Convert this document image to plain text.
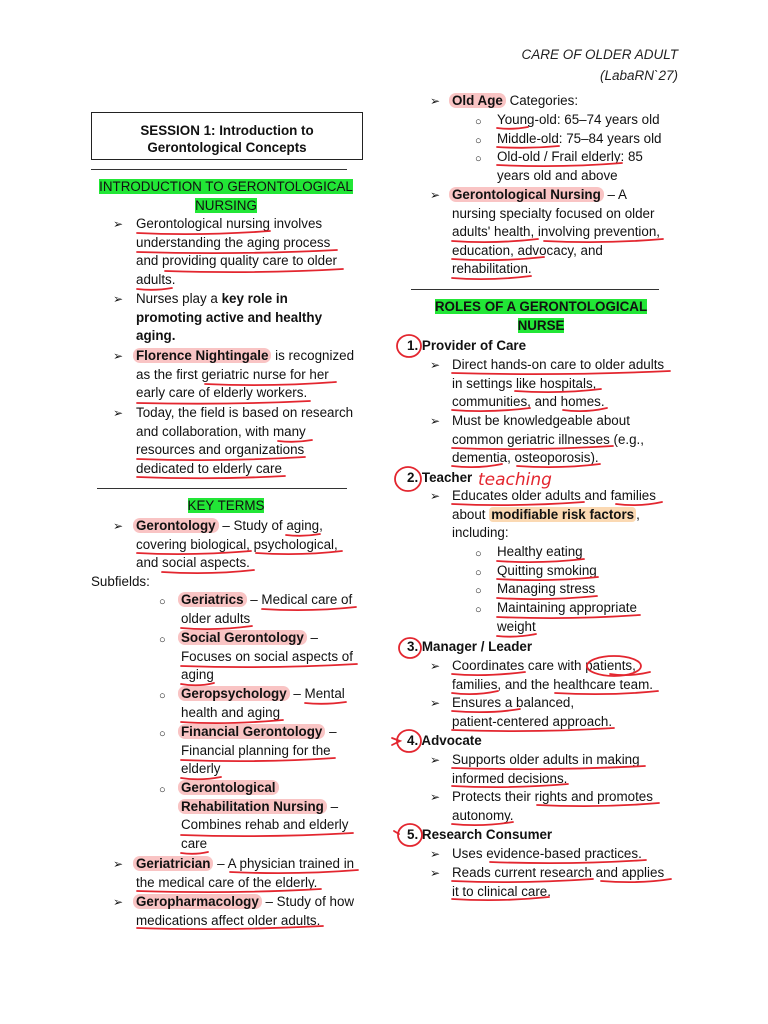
CARE OF OLDER ADULT
(LabaRN`27)
SESSION 1: Introduction to
Gerontological Concepts
INTRODUCTION TO GERONTOLOGICAL
NURSING
➢ Gerontological nursing involves
understanding the aging process
and providing quality care to older
adults.
➢ Nurses play a key role in
promoting active and healthy
aging.
➢ Florence Nightingale is recognized
as the first geriatric nurse for her
early care of elderly workers.
➢ Today, the field is based on research
and collaboration, with many
resources and organizations
dedicated to elderly care
KEY TERMS
➢ Gerontology – Study of aging,
covering biological, psychological,
and social aspects.
Subfields:
○ Geriatrics – Medical care of
older adults
○ Social Gerontology –
Focuses on social aspects of
aging
○ Geropsychology – Mental
health and aging
○ Financial Gerontology –
Financial planning for the
elderly
○ Gerontological
Rehabilitation Nursing –
Combines rehab and elderly
care
➢ Geriatrician – A physician trained in
the medical care of the elderly.
➢ Geropharmacology – Study of how
medications affect older adults.
➢ Old Age Categories:
○ Young-old: 65–74 years old
○ Middle-old: 75–84 years old
○ Old-old / Frail elderly: 85
years old and above
➢ Gerontological Nursing – A
nursing specialty focused on older
adults' health, involving prevention,
education, advocacy, and
rehabilitation.
ROLES OF A GERONTOLOGICAL
NURSE
1. Provider of Care
➢ Direct hands-on care to older adults
in settings like hospitals,
communities, and homes.
➢ Must be knowledgeable about
common geriatric illnesses (e.g.,
dementia, osteoporosis).
2. Teacher teaching
➢ Educates older adults and families
about modifiable risk factors ,
including:
○ Healthy eating
○ Quitting smoking
○ Managing stress
○ Maintaining appropriate
weight
3. Manager / Leader
➢ Coordinates care with patients,
families, and the healthcare team.
➢ Ensures a balanced,
patient-centered approach.
4. Advocate
➢ Supports older adults in making
informed decisions.
➢ Protects their rights and promotes
autonomy.
5. Research Consumer
➢ Uses evidence-based practices.
➢ Reads current research and applies
it to clinical care.
